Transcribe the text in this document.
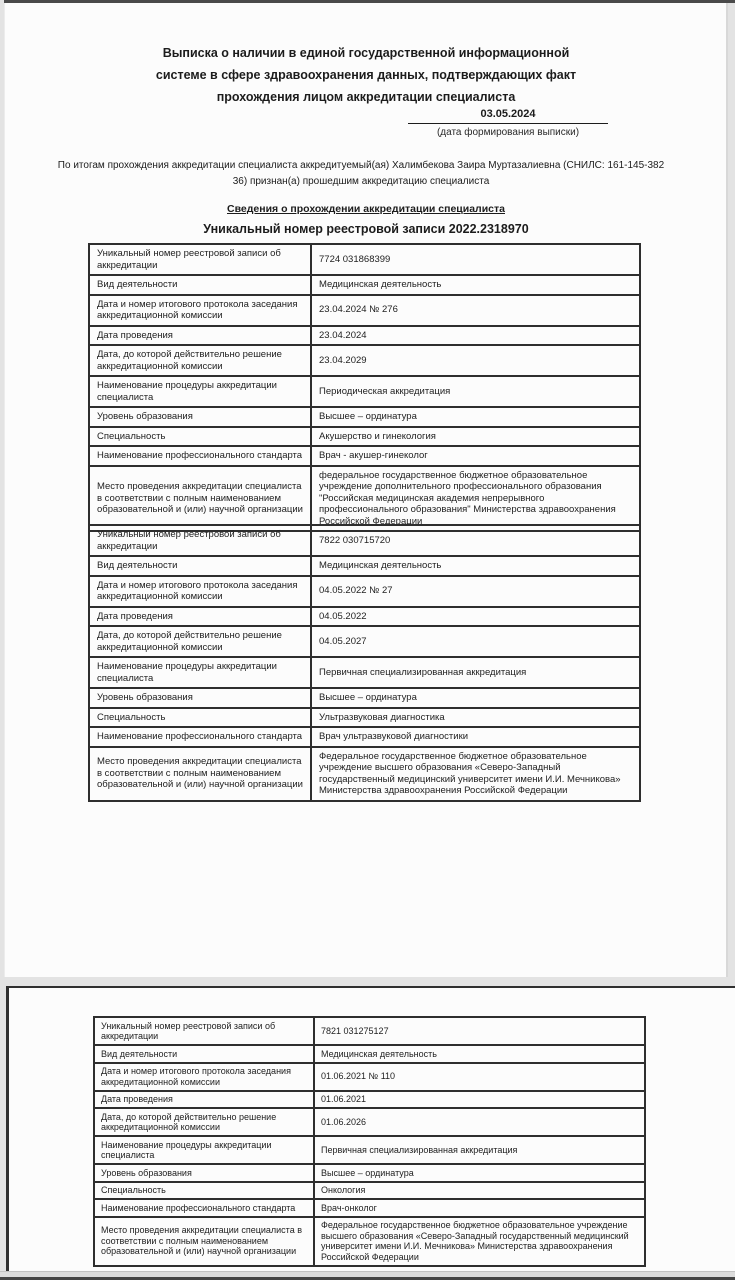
Выписка о наличии в единой государственной информационной
системе в сфере здравоохранения данных, подтверждающих факт
прохождения лицом аккредитации специалиста
03.05.2024
(дата формирования выписки)
По итогам прохождения аккредитации специалиста аккредитуемый(ая) Халимбекова Заира Муртазалиевна (СНИЛС: 161-145-382 36) признан(а) прошедшим аккредитацию специалиста
Сведения о прохождении аккредитации специалиста
Уникальный номер реестровой записи 2022.2318970
Уникальный номер реестровой записи об аккредитации	7724 031868399
Вид деятельности	Медицинская деятельность
Дата и номер итогового протокола заседания аккредитационной комиссии	23.04.2024 № 276
Дата проведения	23.04.2024
Дата, до которой действительно решение аккредитационной комиссии	23.04.2029
Наименование процедуры аккредитации специалиста	Периодическая аккредитация
Уровень образования	Высшее – ординатура
Специальность	Акушерство и гинекология
Наименование профессионального стандарта	Врач - акушер-гинеколог
Место проведения аккредитации специалиста в соответствии с полным наименованием образовательной и (или) научной организации	федеральное государственное бюджетное образовательное учреждение дополнительного профессионального образования "Российская медицинская академия непрерывного профессионального образования" Министерства здравоохранения Российской Федерации
Уникальный номер реестровой записи об аккредитации	7822 030715720
Вид деятельности	Медицинская деятельность
Дата и номер итогового протокола заседания аккредитационной комиссии	04.05.2022 № 27
Дата проведения	04.05.2022
Дата, до которой действительно решение аккредитационной комиссии	04.05.2027
Наименование процедуры аккредитации специалиста	Первичная специализированная аккредитация
Уровень образования	Высшее – ординатура
Специальность	Ультразвуковая диагностика
Наименование профессионального стандарта	Врач ультразвуковой диагностики
Место проведения аккредитации специалиста в соответствии с полным наименованием образовательной и (или) научной организации	Федеральное государственное бюджетное образовательное учреждение высшего образования «Северо-Западный государственный медицинский университет имени И.И. Мечникова» Министерства здравоохранения Российской Федерации
Уникальный номер реестровой записи об аккредитации	7821 031275127
Вид деятельности	Медицинская деятельность
Дата и номер итогового протокола заседания аккредитационной комиссии	01.06.2021 № 110
Дата проведения	01.06.2021
Дата, до которой действительно решение аккредитационной комиссии	01.06.2026
Наименование процедуры аккредитации специалиста	Первичная специализированная аккредитация
Уровень образования	Высшее – ординатура
Специальность	Онкология
Наименование профессионального стандарта	Врач-онколог
Место проведения аккредитации специалиста в соответствии с полным наименованием образовательной и (или) научной организации	Федеральное государственное бюджетное образовательное учреждение высшего образования «Северо-Западный государственный медицинский университет имени И.И. Мечникова» Министерства здравоохранения Российской Федерации
